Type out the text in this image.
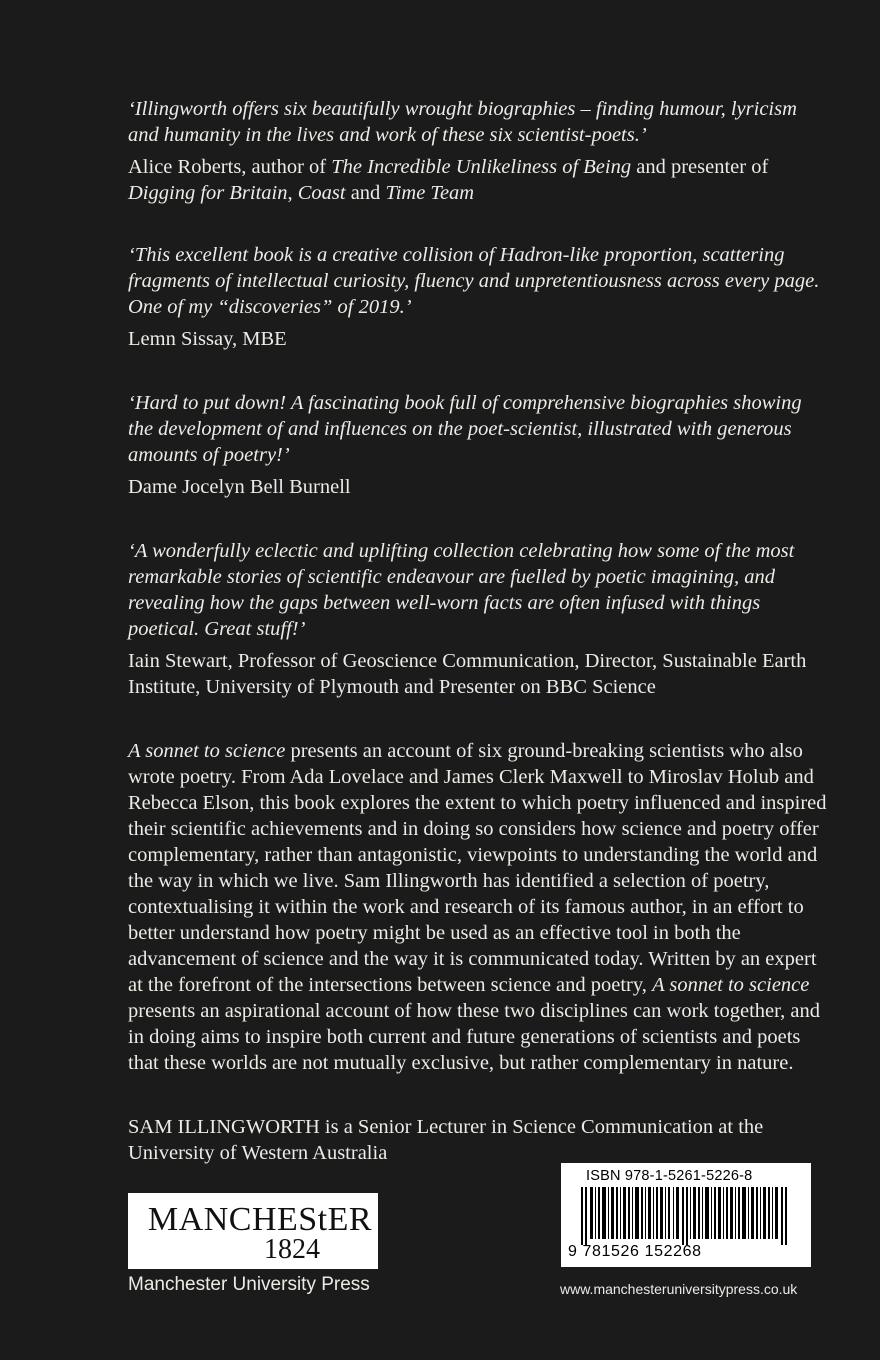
‘Illingworth offers six beautifully wrought biographies – finding humour, lyricism and humanity in the lives and work of these six scientist-poets.’

Alice Roberts, author of The Incredible Unlikeliness of Being and presenter of Digging for Britain, Coast and Time Team

‘This excellent book is a creative collision of Hadron-like proportion, scattering fragments of intellectual curiosity, fluency and unpretentiousness across every page. One of my “discoveries” of 2019.’

Lemn Sissay, MBE

‘Hard to put down! A fascinating book full of comprehensive biographies showing the development of and influences on the poet-scientist, illustrated with generous amounts of poetry!’

Dame Jocelyn Bell Burnell

‘A wonderfully eclectic and uplifting collection celebrating how some of the most remarkable stories of scientific endeavour are fuelled by poetic imagining, and revealing how the gaps between well-worn facts are often infused with things poetical. Great stuff!’

Iain Stewart, Professor of Geoscience Communication, Director, Sustainable Earth Institute, University of Plymouth and Presenter on BBC Science

A sonnet to science presents an account of six ground-breaking scientists who also wrote poetry. From Ada Lovelace and James Clerk Maxwell to Miroslav Holub and Rebecca Elson, this book explores the extent to which poetry influenced and inspired their scientific achievements and in doing so considers how science and poetry offer complementary, rather than antagonistic, viewpoints to understanding the world and the way in which we live. Sam Illingworth has identified a selection of poetry, contextualising it within the work and research of its famous author, in an effort to better understand how poetry might be used as an effective tool in both the advancement of science and the way it is communicated today. Written by an expert at the forefront of the intersections between science and poetry, A sonnet to science presents an aspirational account of how these two disciplines can work together, and in doing aims to inspire both current and future generations of scientists and poets that these worlds are not mutually exclusive, but rather complementary in nature.

SAM ILLINGWORTH is a Senior Lecturer in Science Communication at the University of Western Australia

MANCHEStER
1824
Manchester University Press
ISBN 978-1-5261-5226-8
9 781526 152268
www.manchesteruniversitypress.co.uk
